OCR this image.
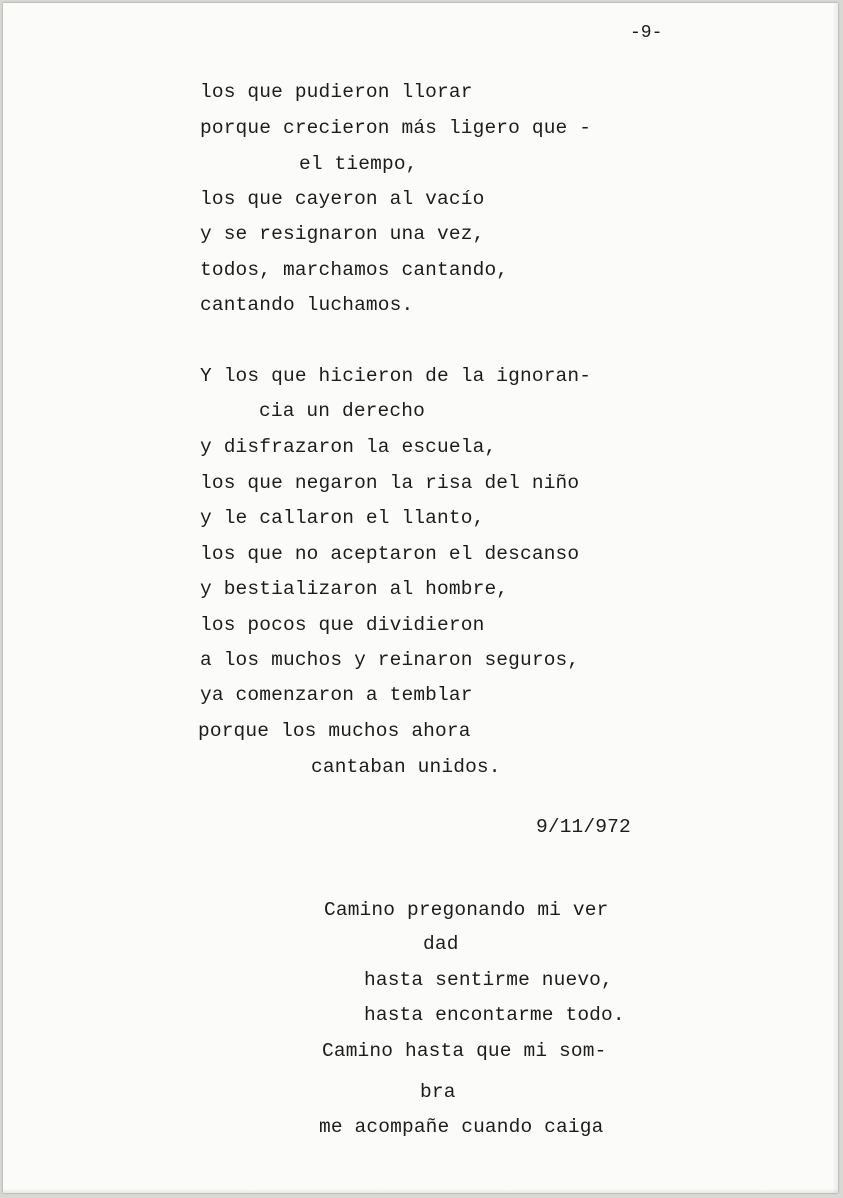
-9-
los que pudieron llorar
porque crecieron más ligero que -
el tiempo,
los que cayeron al vacío
y se resignaron una vez,
todos, marchamos cantando,
cantando luchamos.
Y los que hicieron de la ignoran-
cia un derecho
y disfrazaron la escuela,
los que negaron la risa del niño
y le callaron el llanto,
los que no aceptaron el descanso
y bestializaron al hombre,
los pocos que dividieron
a los muchos y reinaron seguros,
ya comenzaron a temblar
porque los muchos ahora
cantaban unidos.
9/11/972
Camino pregonando mi ver
dad
hasta sentirme nuevo,
hasta encontarme todo.
Camino hasta que mi som-
bra
me acompañe cuando caiga
